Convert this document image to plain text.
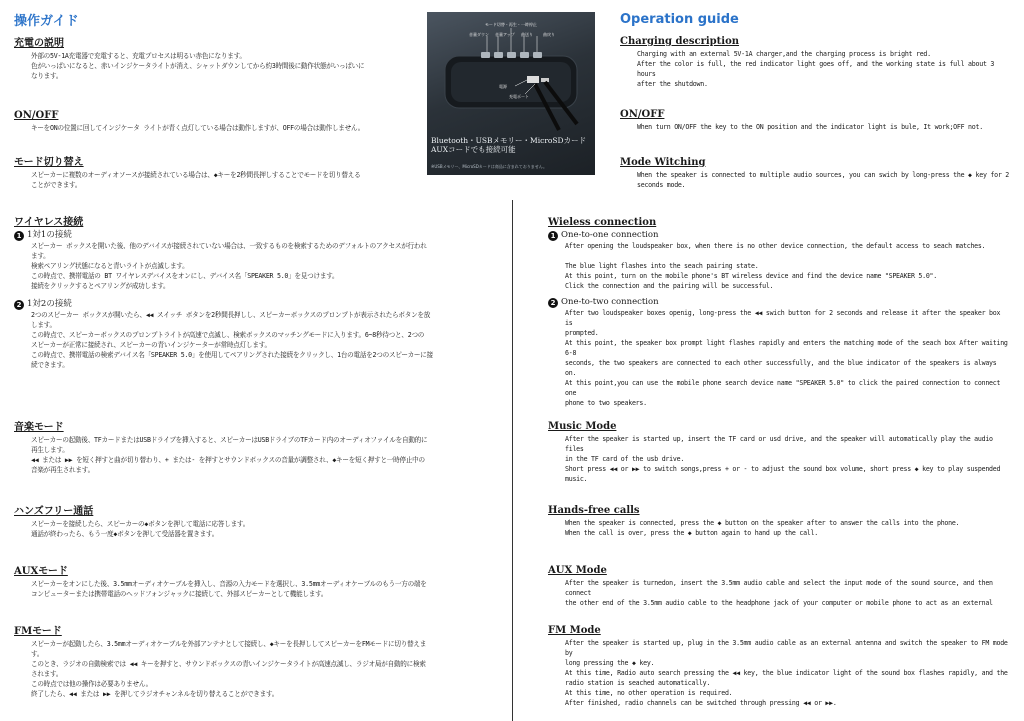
操作ガイド

充電の説明

外部の5V-1A充電器で充電すると、充電プロセスは明るい赤色になります。
色がいっぱいになると、赤いインジケータライトが消え、シャットダウンしてから約3時間後に動作状態がいっぱいに
なります。

ON/OFF

キーをONの位置に回してインジケータ ライトが青く点灯している場合は動作しますが、OFFの場合は動作しません。

モード切り替え

スピーカーに複数のオーディオソースが接続されている場合は、◆キーを2秒間長押しすることでモードを切り替える
ことができます。

ワイヤレス接続

1 1対1の接続

スピーカー ボックスを開いた後、他のデバイスが接続されていない場合は、一致するものを検索するためのデフォルトのアクセスが行われ
ます。
検索ペアリング状態になると青いライトが点滅します。
この時点で、携帯電話の BT ワイヤレスデバイスをオンにし、デバイス名「SPEAKER 5.0」を見つけます。
接続をクリックするとペアリングが成功します。

2 1対2の接続

2つのスピーカー ボックスが開いたら、◀◀ スイッチ ボタンを2秒間長押しし、スピーカーボックスのプロンプトが表示されたらボタンを放
します。
この時点で、スピーカーボックスのプロンプトライトが高速で点滅し、検索ボックスのマッチングモードに入ります。6~8秒待つと、2つの
スピーカーが正常に接続され、スピーカーの青いインジケーターが常時点灯します。
この時点で、携帯電話の検索デバイス名「SPEAKER 5.0」を使用してペアリングされた接続をクリックし、1台の電話を2つのスピーカーに接
続できます。

音楽モード

スピーカーの起動後、TFカードまたはUSBドライブを挿入すると、スピーカーはUSBドライブのTFカード内のオーディオファイルを自動的に
再生します。
◀◀ または ▶▶ を短く押すと曲が切り替わり、+ または- を押すとサウンドボックスの音量が調整され、◆キーを短く押すと一時停止中の
音楽が再生されます。

ハンズフリー通話

スピーカーを接続したら、スピーカーの◆ボタンを押して電話に応答します。
通話が終わったら、もう一度◆ボタンを押して受話器を置きます。

AUXモード

スピーカーをオンにした後、3.5mmオーディオケーブルを挿入し、音源の入力モードを選択し、3.5mmオーディオケーブルのもう一方の端を
コンピューターまたは携帯電話のヘッドフォンジャックに接続して、外部スピーカーとして機能します。

FMモード

スピーカーが起動したら、3.5mmオーディオケーブルを外部アンテナとして接続し、◆キーを長押ししてスピーカーをFMモードに切り替えま
す。
このとき、ラジオの自動検索では ◀◀ キーを押すと、サウンドボックスの青いインジケータライトが高速点滅し、ラジオ局が自動的に検索
されます。
この時点では他の操作は必要ありません。
終了したら、◀◀ または ▶▶ を押してラジオチャンネルを切り替えることができます。

モード切替・再生・一時停止
音量ダウン 音量アップ 曲送り	曲戻り
電源
充電ポート
Bluetooth・USBメモリー・MicroSDカード
AUXコードでも接続可能
※USBメモリー、MicroSDカードは商品に含まれておりません。
Operation guide

Charging description

Charging with an external 5V-1A charger,and the charging process is bright red.
After the color is full, the red indicator light goes off, and the working state is full about 3 hours
after the shutdown.

ON/OFF

When turn ON/OFF the key to the ON position and the indicator light is bule, It work;OFF not.

Mode Witching

When the speaker is connected to multiple audio sources, you can swich by long-press the ◆ key for 2
seconds mode.

Wieless connection

1 One-to-one connection

After opening the loudspeaker box, when there is no other device connection, the default access to seach matches.

The blue light flashes into the seach pairing state.
At this point, turn on the mobile phone's BT wireless device and find the device name "SPEAKER 5.0".
Click the connection and the pairing will be successful.

2 One-to-two connection

After two loudspeaker boxes openig, long-press the ◀◀ swich button for 2 seconds and release it after the speaker box is
prompted.
At this point, the speaker box prompt light flashes rapidly and enters the matching mode of the seach box After waiting 6-8
seconds, the two speakers are connected to each other successfully, and the blue indicator of the speakers is always on.
At this point,you can use the mobile phone search device name "SPEAKER 5.0" to click the paired connection to connect one
phone to two speakers.

Music Mode

After the speaker is started up, insert the TF card or usd drive, and the speaker will automatically play the audio files
in the TF card of the usb drive.
Short press ◀◀ or ▶▶ to switch songs,press + or - to adjust the sound box volume, short press ◆ key to play suspended music.

Hands-free calls

When the speaker is connected, press the ◆ button on the speaker after to answer the calls into the phone.
When the call is over, press the ◆ button again to hand up the call.

AUX Mode

After the speaker is turnedon, insert the 3.5mm audio cable and select the input mode of the sound source, and then connect
the other end of the 3.5mm audio cable to the headphone jack of your computer or mobile phone to act as an external

FM Mode

After the speaker is started up, plug in the 3.5mm audio cable as an external antenna and switch the speaker to FM mode by
long pressing the ◆ key.
At this time, Radio auto search pressing the ◀◀ key, the blue indicator light of the sound box flashes rapidly, and the
radio station is seached automatically.
At this time, no other operation is required.
After finished, radio channels can be switched through pressing ◀◀ or ▶▶.
